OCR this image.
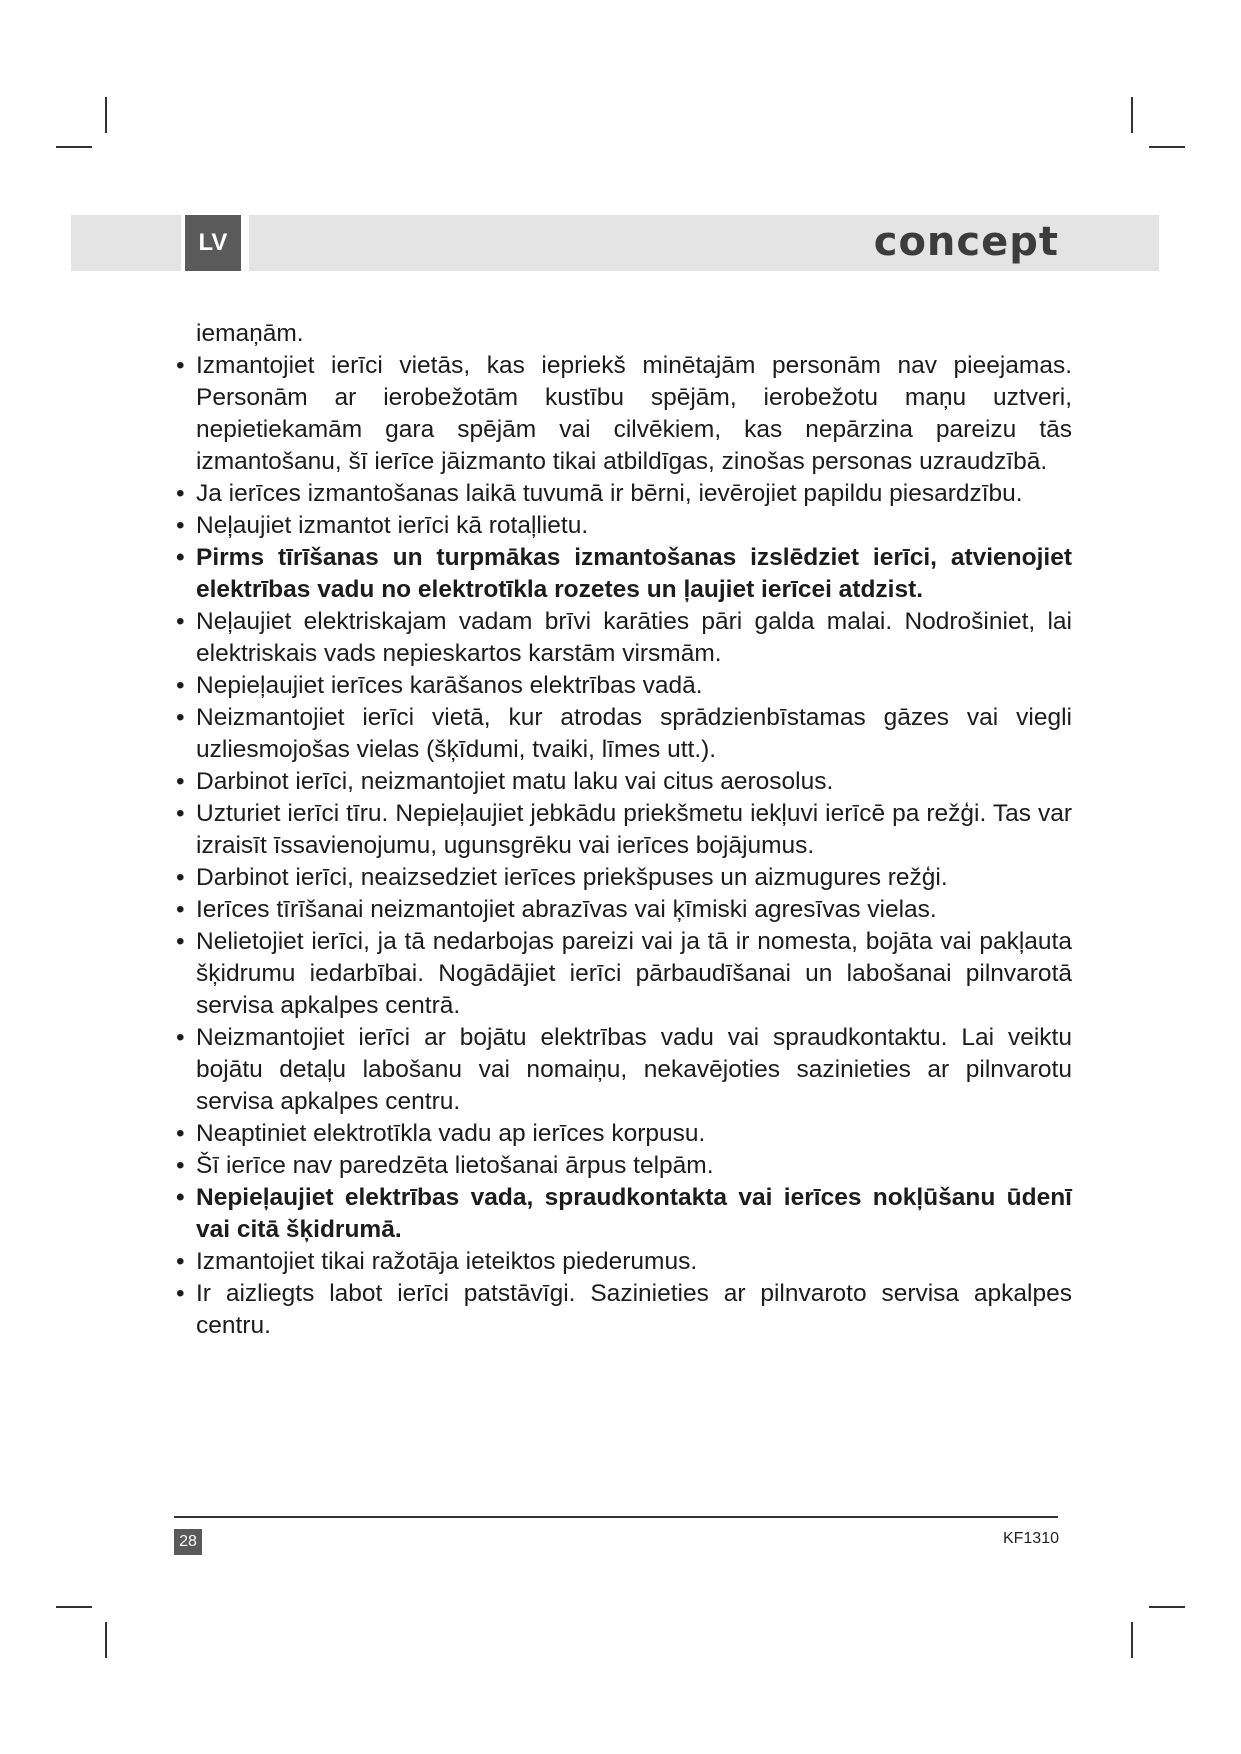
LV	concept

iemaņām.

• Izmantojiet ierīci vietās, kas iepriekš minētajām personām nav pieejamas. Personām ar ierobežotām kustību spējām, ierobežotu maņu uztveri, nepietiekamām gara spējām vai cilvēkiem, kas nepārzina pareizu tās izmantošanu, šī ierīce jāizmanto tikai atbildīgas, zinošas personas uzraudzībā.
• Ja ierīces izmantošanas laikā tuvumā ir bērni, ievērojiet papildu piesardzību.
• Neļaujiet izmantot ierīci kā rotaļlietu.
• Pirms tīrīšanas un turpmākas izmantošanas izslēdziet ierīci, atvienojiet elektrības vadu no elektrotīkla rozetes un ļaujiet ierīcei atdzist.
• Neļaujiet elektriskajam vadam brīvi karāties pāri galda malai. Nodrošiniet, lai elektriskais vads nepieskartos karstām virsmām.
• Nepieļaujiet ierīces karāšanos elektrības vadā.
• Neizmantojiet ierīci vietā, kur atrodas sprādzienbīstamas gāzes vai viegli uzliesmojošas vielas (šķīdumi, tvaiki, līmes utt.).
• Darbinot ierīci, neizmantojiet matu laku vai citus aerosolus.
• Uzturiet ierīci tīru. Nepieļaujiet jebkādu priekšmetu iekļuvi ierīcē pa režģi. Tas var izraisīt īssavienojumu, ugunsgrēku vai ierīces bojājumus.
• Darbinot ierīci, neaizsedziet ierīces priekšpuses un aizmugures režģi.
• Ierīces tīrīšanai neizmantojiet abrazīvas vai ķīmiski agresīvas vielas.
• Nelietojiet ierīci, ja tā nedarbojas pareizi vai ja tā ir nomesta, bojāta vai pakļauta šķidrumu iedarbībai. Nogādājiet ierīci pārbaudīšanai un labošanai pilnvarotā servisa apkalpes centrā.
• Neizmantojiet ierīci ar bojātu elektrības vadu vai spraudkontaktu. Lai veiktu bojātu detaļu labošanu vai nomaiņu, nekavējoties sazinieties ar pilnvarotu servisa apkalpes centru.
• Neaptiniet elektrotīkla vadu ap ierīces korpusu.
• Šī ierīce nav paredzēta lietošanai ārpus telpām.
• Nepieļaujiet elektrības vada, spraudkontakta vai ierīces nokļūšanu ūdenī vai citā šķidrumā.
• Izmantojiet tikai ražotāja ieteiktos piederumus.
• Ir aizliegts labot ierīci patstāvīgi. Sazinieties ar pilnvaroto servisa apkalpes centru.
28	KF1310
